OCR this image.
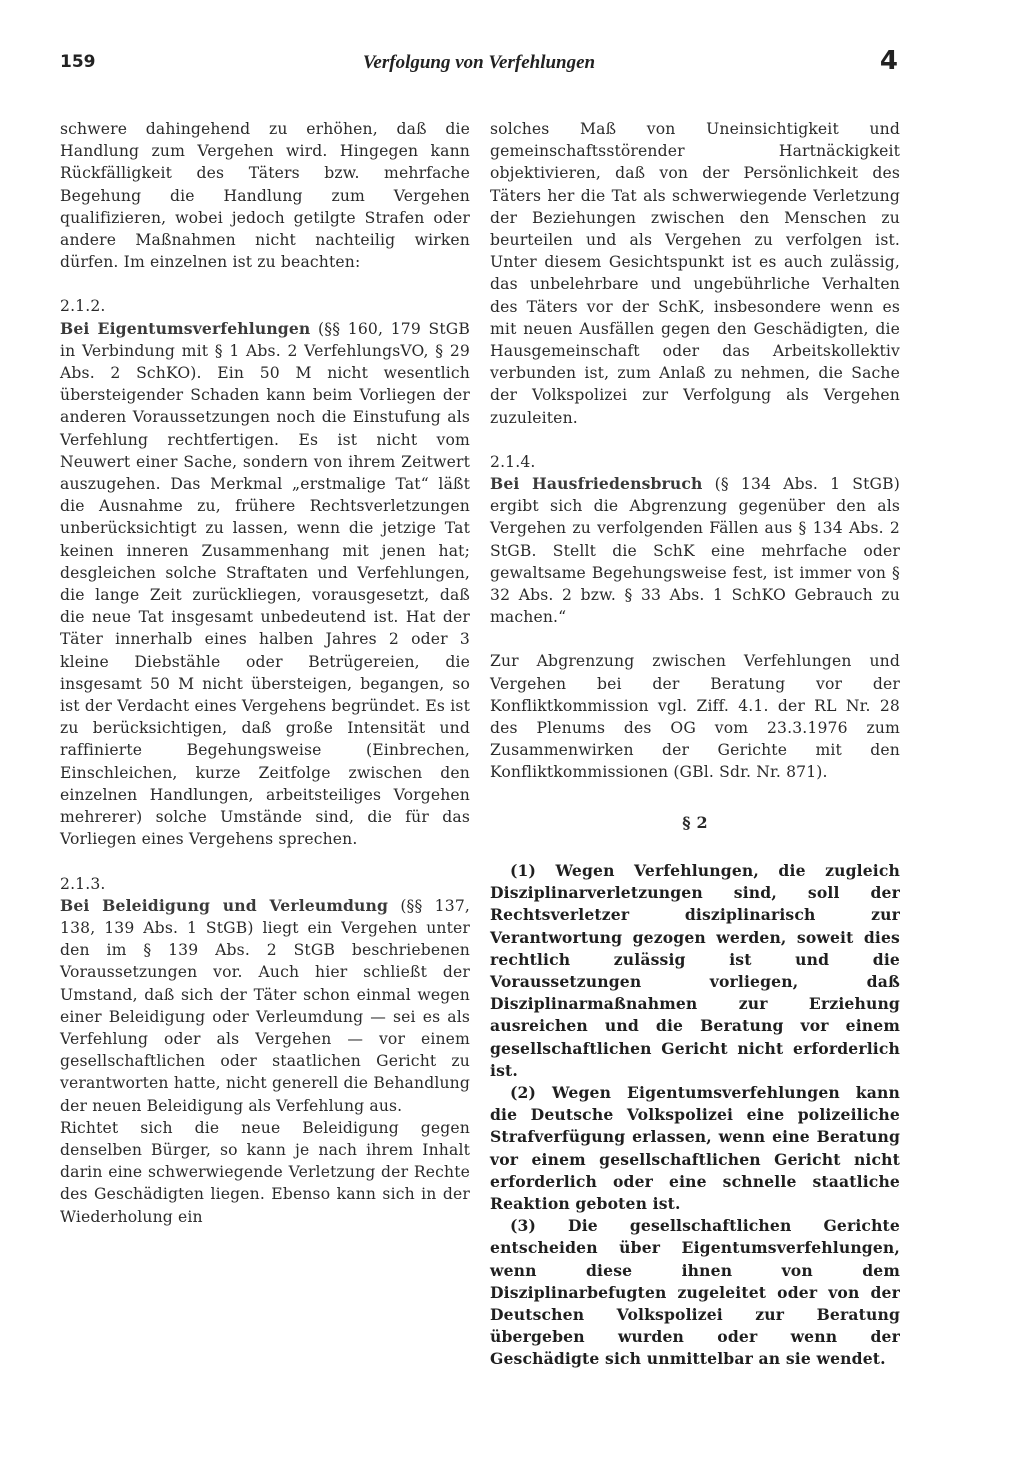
159	Verfolgung von Verfehlungen	4

schwere dahingehend zu erhöhen, daß die Handlung zum Vergehen wird. Hingegen kann Rückfälligkeit des Täters bzw. mehrfache Begehung die Handlung zum Vergehen qualifizieren, wobei jedoch getilgte Strafen oder andere Maßnahmen nicht nachteilig wirken dürfen. Im einzelnen ist zu beachten:

2.1.2.

Bei Eigentumsverfehlungen (§§ 160, 179 StGB in Verbindung mit § 1 Abs. 2 VerfehlungsVO, § 29 Abs. 2 SchKO). Ein 50 M nicht wesentlich übersteigender Schaden kann beim Vorliegen der anderen Voraussetzungen noch die Einstufung als Verfehlung rechtfertigen. Es ist nicht vom Neuwert einer Sache, sondern von ihrem Zeitwert auszugehen. Das Merkmal „erstmalige Tat“ läßt die Ausnahme zu, frühere Rechtsverletzungen unberücksichtigt zu lassen, wenn die jetzige Tat keinen inneren Zusammenhang mit jenen hat; desgleichen solche Straftaten und Verfehlungen, die lange Zeit zurückliegen, vorausgesetzt, daß die neue Tat insgesamt unbedeutend ist. Hat der Täter innerhalb eines halben Jahres 2 oder 3 kleine Diebstähle oder Betrügereien, die insgesamt 50 M nicht übersteigen, begangen, so ist der Verdacht eines Vergehens begründet. Es ist zu berücksichtigen, daß große Intensität und raffinierte Begehungsweise (Einbrechen, Einschleichen, kurze Zeitfolge zwischen den einzelnen Handlungen, arbeitsteiliges Vorgehen mehrerer) solche Umstände sind, die für das Vorliegen eines Vergehens sprechen.

2.1.3.

Bei Beleidigung und Verleumdung (§§ 137, 138, 139 Abs. 1 StGB) liegt ein Vergehen unter den im § 139 Abs. 2 StGB beschriebenen Voraussetzungen vor. Auch hier schließt der Umstand, daß sich der Täter schon einmal wegen einer Beleidigung oder Verleumdung — sei es als Verfehlung oder als Vergehen — vor einem gesellschaftlichen oder staatlichen Gericht zu verantworten hatte, nicht generell die Behandlung der neuen Beleidigung als Verfehlung aus.

Richtet sich die neue Beleidigung gegen denselben Bürger, so kann je nach ihrem Inhalt darin eine schwerwiegende Verletzung der Rechte des Geschädigten liegen. Ebenso kann sich in der Wiederholung ein

solches Maß von Uneinsichtigkeit und gemeinschaftsstörender Hartnäckigkeit objektivieren, daß von der Persönlichkeit des Täters her die Tat als schwerwiegende Verletzung der Beziehungen zwischen den Menschen zu beurteilen und als Vergehen zu verfolgen ist. Unter diesem Gesichtspunkt ist es auch zulässig, das unbelehrbare und ungebührliche Verhalten des Täters vor der SchK, insbesondere wenn es mit neuen Ausfällen gegen den Geschädigten, die Hausgemeinschaft oder das Arbeitskollektiv verbunden ist, zum Anlaß zu nehmen, die Sache der Volkspolizei zur Verfolgung als Vergehen zuzuleiten.

2.1.4.

Bei Hausfriedensbruch (§ 134 Abs. 1 StGB) ergibt sich die Abgrenzung gegenüber den als Vergehen zu verfolgenden Fällen aus § 134 Abs. 2 StGB. Stellt die SchK eine mehrfache oder gewaltsame Begehungsweise fest, ist immer von § 32 Abs. 2 bzw. § 33 Abs. 1 SchKO Gebrauch zu machen.“

Zur Abgrenzung zwischen Verfehlungen und Vergehen bei der Beratung vor der Konfliktkommission vgl. Ziff. 4.1. der RL Nr. 28 des Plenums des OG vom 23.3.1976 zum Zusammenwirken der Gerichte mit den Konfliktkommissionen (GBl. Sdr. Nr. 871).

§ 2

(1) Wegen Verfehlungen, die zugleich Disziplinarverletzungen sind, soll der Rechtsverletzer disziplinarisch zur Verantwortung gezogen werden, soweit dies rechtlich zulässig ist und die Voraussetzungen vorliegen, daß Disziplinarmaßnahmen zur Erziehung ausreichen und die Beratung vor einem gesellschaftlichen Gericht nicht erforderlich ist.

(2) Wegen Eigentumsverfehlungen kann die Deutsche Volkspolizei eine polizeiliche Strafverfügung erlassen, wenn eine Beratung vor einem gesellschaftlichen Gericht nicht erforderlich oder eine schnelle staatliche Reaktion geboten ist.

(3) Die gesellschaftlichen Gerichte entscheiden über Eigentumsverfehlungen, wenn diese ihnen von dem Disziplinarbefugten zugeleitet oder von der Deutschen Volkspolizei zur Beratung übergeben wurden oder wenn der Geschädigte sich unmittelbar an sie wendet.
